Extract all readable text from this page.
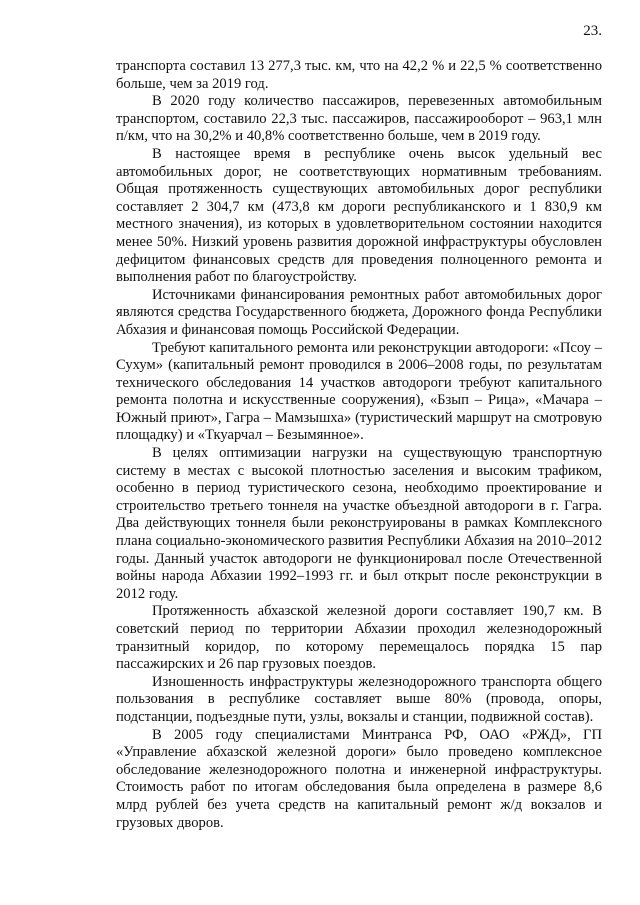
23.

транспорта составил 13 277,3 тыс. км, что на 42,2 % и 22,5 % соответственно больше, чем за 2019 год.

В 2020 году количество пассажиров, перевезенных автомобильным транспортом, составило 22,3 тыс. пассажиров, пассажирооборот – 963,1 млн п/км, что на 30,2% и 40,8% соответственно больше, чем в 2019 году.

В настоящее время в республике очень высок удельный вес автомобильных дорог, не соответствующих нормативным требованиям. Общая протяженность существующих автомобильных дорог республики составляет 2 304,7 км (473,8 км дороги республиканского и 1 830,9 км местного значения), из которых в удовлетворительном состоянии находится менее 50%. Низкий уровень развития дорожной инфраструктуры обусловлен дефицитом финансовых средств для проведения полноценного ремонта и выполнения работ по благоустройству.

Источниками финансирования ремонтных работ автомобильных дорог являются средства Государственного бюджета, Дорожного фонда Республики Абхазия и финансовая помощь Российской Федерации.

Требуют капитального ремонта или реконструкции автодороги: «Псоу – Сухум» (капитальный ремонт проводился в 2006–2008 годы, по результатам технического обследования 14 участков автодороги требуют капитального ремонта полотна и искусственные сооружения), «Бзып – Рица», «Мачара – Южный приют», Гагра – Мамзышха» (туристический маршрут на смотровую площадку) и «Ткуарчал – Безымянное».

В целях оптимизации нагрузки на существующую транспортную систему в местах с высокой плотностью заселения и высоким трафиком, особенно в период туристического сезона, необходимо проектирование и строительство третьего тоннеля на участке объездной автодороги в г. Гагра. Два действующих тоннеля были реконструированы в рамках Комплексного плана социально-экономического развития Республики Абхазия на 2010–2012 годы. Данный участок автодороги не функционировал после Отечественной войны народа Абхазии 1992–1993 гг. и был открыт после реконструкции в 2012 году.

Протяженность абхазской железной дороги составляет 190,7 км. В советский период по территории Абхазии проходил железнодорожный транзитный коридор, по которому перемещалось порядка 15 пар пассажирских и 26 пар грузовых поездов.

Изношенность инфраструктуры железнодорожного транспорта общего пользования в республике составляет выше 80% (провода, опоры, подстанции, подъездные пути, узлы, вокзалы и станции, подвижной состав).

В 2005 году специалистами Минтранса РФ, ОАО «РЖД», ГП «Управление абхазской железной дороги» было проведено комплексное обследование железнодорожного полотна и инженерной инфраструктуры. Стоимость работ по итогам обследования была определена в размере 8,6 млрд рублей без учета средств на капитальный ремонт ж/д вокзалов и грузовых дворов.
